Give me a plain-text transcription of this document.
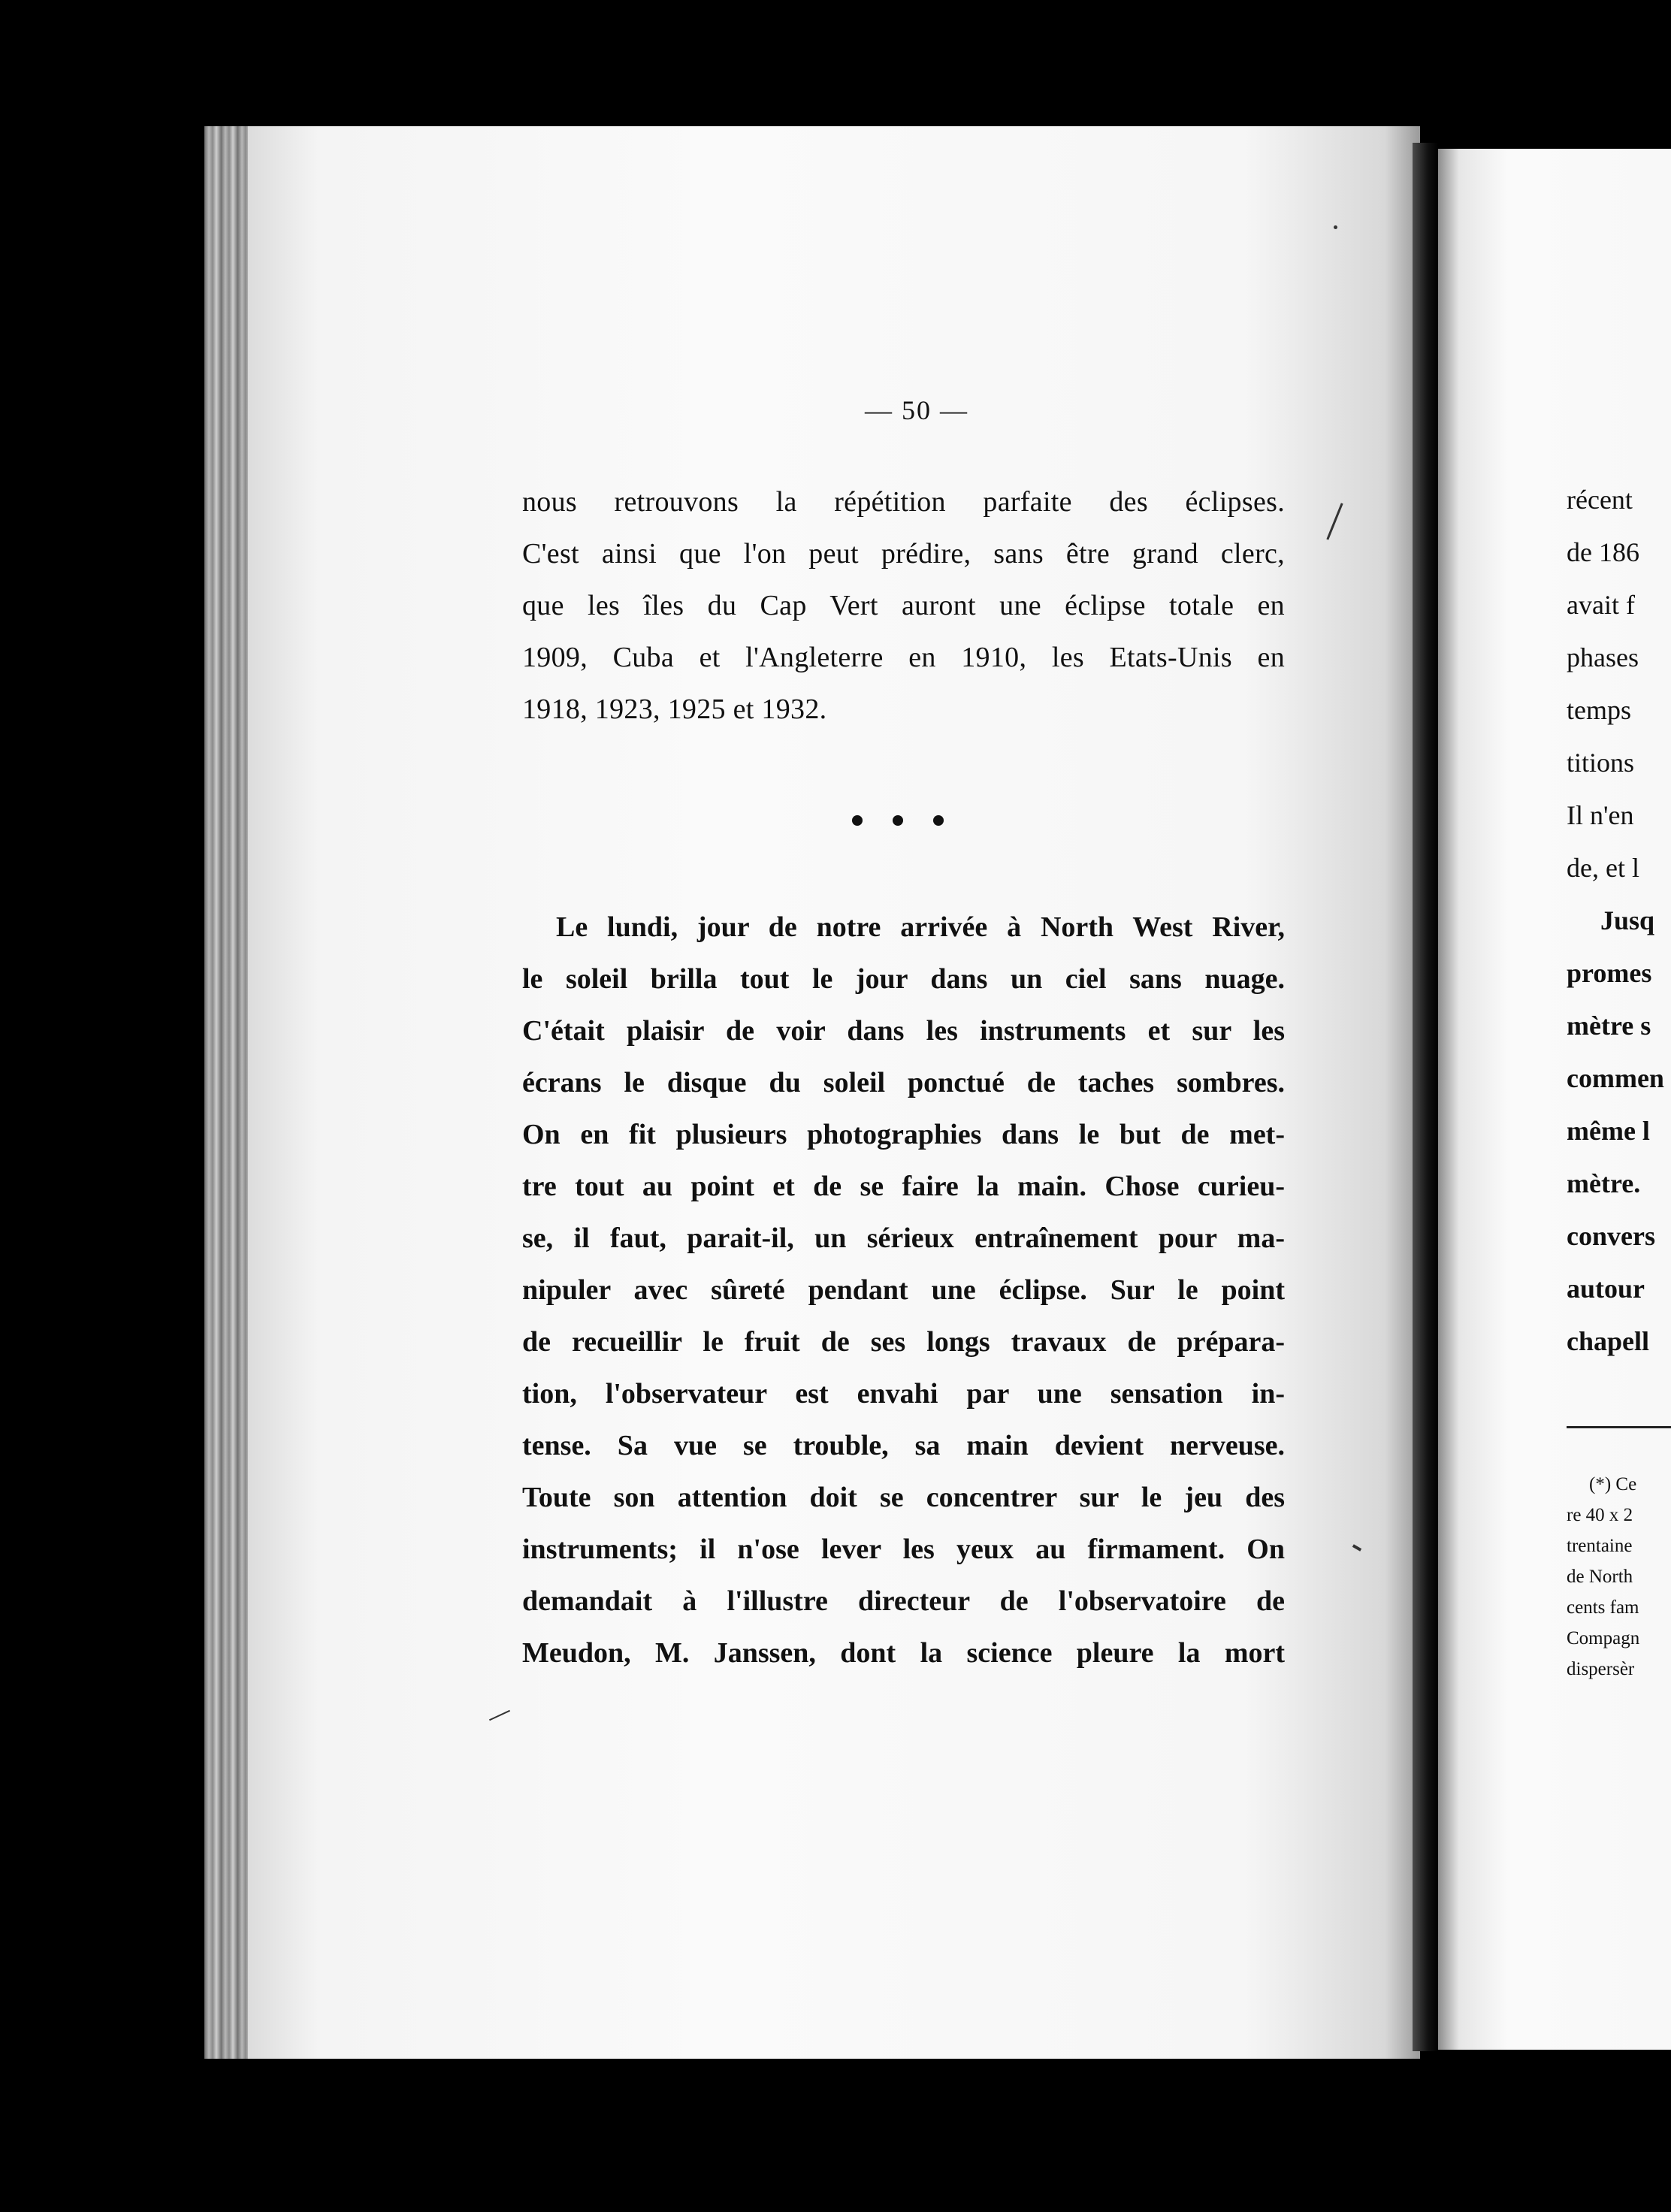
— 50 —
nous retrouvons la répétition parfaite des éclipses.
C'est ainsi que l'on peut prédire, sans être grand clerc,
que les îles du Cap Vert auront une éclipse totale en
1909, Cuba et l'Angleterre en 1910, les Etats-Unis en
1918, 1923, 1925 et 1932.
Le lundi, jour de notre arrivée à North West River,
le soleil brilla tout le jour dans un ciel sans nuage.
C'était plaisir de voir dans les instruments et sur les
écrans le disque du soleil ponctué de taches sombres.
On en fit plusieurs photographies dans le but de met-
tre tout au point et de se faire la main. Chose curieu-
se, il faut, parait-il, un sérieux entraînement pour ma-
nipuler avec sûreté pendant une éclipse. Sur le point
de recueillir le fruit de ses longs travaux de prépara-
tion, l'observateur est envahi par une sensation in-
tense. Sa vue se trouble, sa main devient nerveuse.
Toute son attention doit se concentrer sur le jeu des
instruments; il n'ose lever les yeux au firmament. On
demandait à l'illustre directeur de l'observatoire de
Meudon, M. Janssen, dont la science pleure la mort
récent
de 186
avait f
phases
temps
titions
Il n'en
de, et l
Jusq
promes
mètre s
commen
même l
mètre.
convers
autour
chapell
(*) Ce
re 40 x 2
trentaine
de North
cents fam
Compagn
dispersèr
